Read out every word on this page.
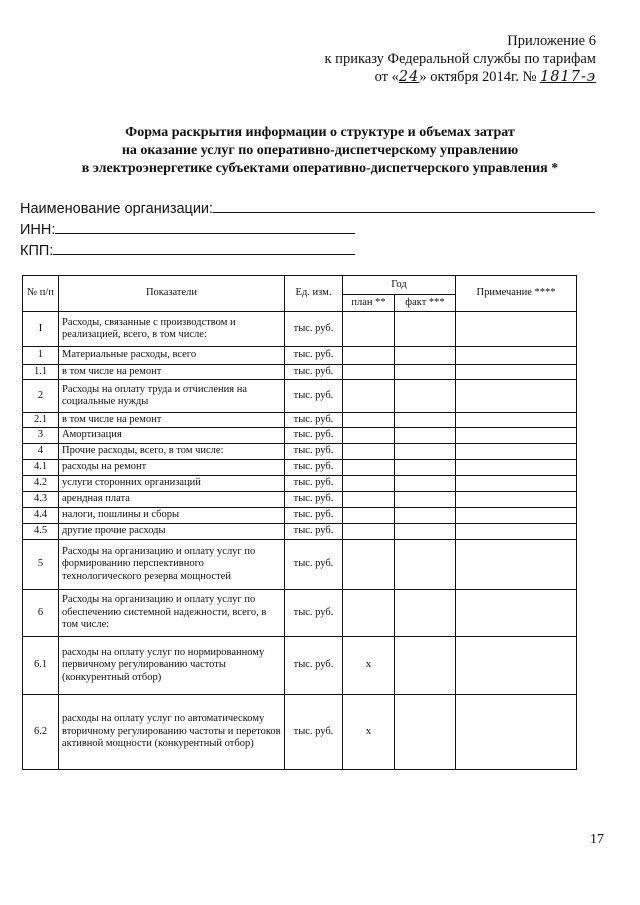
Приложение 6
к приказу Федеральной службы по тарифам
от «24» октября 2014г. № 1817-э
Форма раскрытия информации о структуре и объемах затрат
на оказание услуг по оперативно-диспетчерскому управлению
в электроэнергетике субъектами оперативно-диспетчерского управления *
Наименование организации:
ИНН:
КПП:
№ п/п	Показатели	Ед. изм.	Год		Примечание ****
			план **	факт ***	
I	Расходы, связанные с производством и реализацией, всего, в том числе:	тыс. руб.			
1	Материальные расходы, всего	тыс. руб.			
1.1	в том числе на ремонт	тыс. руб.			
2	Расходы на оплату труда и отчисления на социальные нужды	тыс. руб.			
2.1	в том числе на ремонт	тыс. руб.			
3	Амортизация	тыс. руб.			
4	Прочие расходы, всего, в том числе:	тыс. руб.			
4.1	расходы на ремонт	тыс. руб.			
4.2	услуги сторонних организаций	тыс. руб.			
4.3	арендная плата	тыс. руб.			
4.4	налоги, пошлины и сборы	тыс. руб.			
4.5	другие прочие расходы	тыс. руб.			
5	Расходы на организацию и оплату услуг по формированию перспективного технологического резерва мощностей	тыс. руб.			
6	Расходы на организацию и оплату услуг по обеспечению системной надежности, всего, в том числе:	тыс. руб.			
6.1	расходы на оплату услуг по нормированному первичному регулированию частоты (конкурентный отбор)	тыс. руб.	x		
6.2	расходы на оплату услуг по автоматическому вторичному регулированию частоты и перетоков активной мощности (конкурентный отбор)	тыс. руб.	x		
17
